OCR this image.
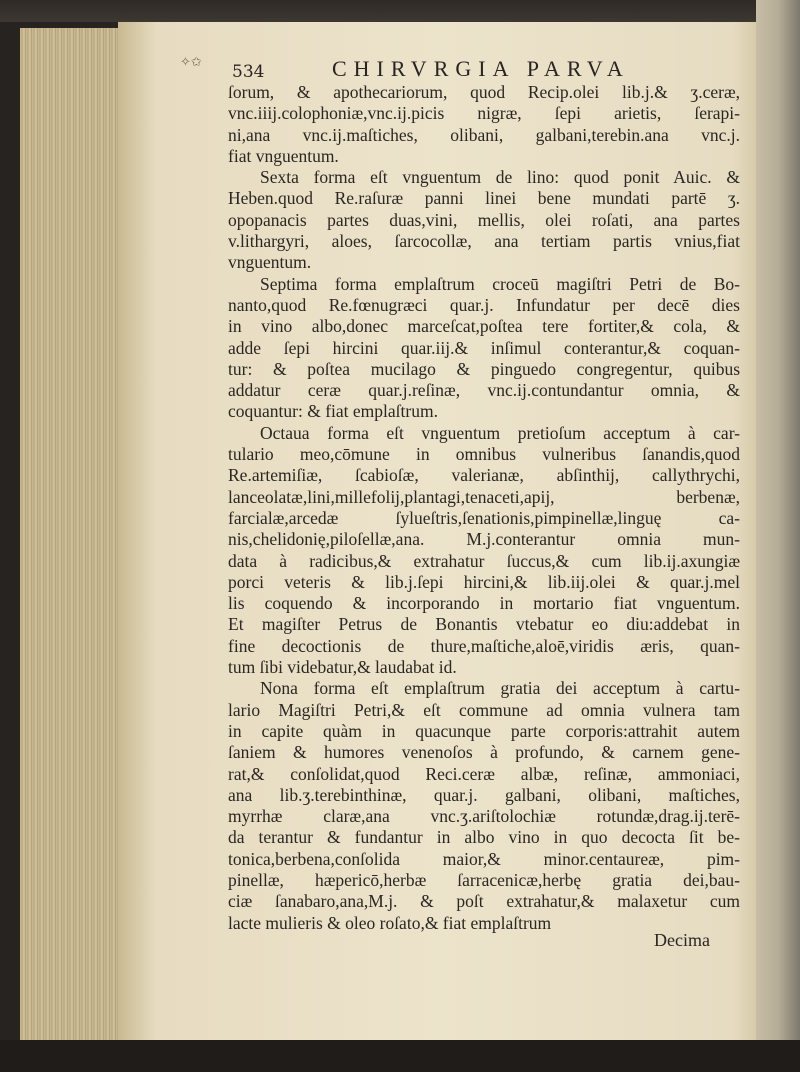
✧✩ 534	CHIRVRGIA PARVA
ſorum, & apothecariorum, quod Recip.olei lib.j.& ʒ.ceræ,
vnc.iiij.colophoniæ,vnc.ij.picis nigræ, ſepi arietis, ſerapi-
ni,ana vnc.ij.maſtiches, olibani, galbani,terebin.ana vnc.j.
fiat vnguentum.
Sexta forma eſt vnguentum de lino: quod ponit Auic. &
Heben.quod Re.raſuræ panni linei bene mundati partē ʒ.
opopanacis partes duas,vini, mellis, olei roſati, ana partes
v.lithargyri, aloes, ſarcocollæ, ana tertiam partis vnius,fiat
vnguentum.
Septima forma emplaſtrum croceū magiſtri Petri de Bo-
nanto,quod Re.fœnugræci quar.j. Infundatur per decē dies
in vino albo,donec marceſcat,poſtea tere fortiter,& cola, &
adde ſepi hircini quar.iij.& inſimul conterantur,& coquan-
tur: & poſtea mucilago & pinguedo congregentur, quibus
addatur ceræ quar.j.reſinæ, vnc.ij.contundantur omnia, &
coquantur: & fiat emplaſtrum.
Octaua forma eſt vnguentum pretioſum acceptum à car-
tulario meo,cōmune in omnibus vulneribus ſanandis,quod
Re.artemiſiæ, ſcabioſæ, valerianæ, abſinthij, callythrychi,
lanceolatæ,lini,millefolij,plantagi,tenaceti,apij, berbenæ,
farcialæ,arcedæ ſylueſtris,ſenationis,pimpinellæ,linguę ca-
nis,chelidonię,piloſellæ,ana. M.j.conterantur omnia mun-
data à radicibus,& extrahatur ſuccus,& cum lib.ij.axungiæ
porci veteris & lib.j.ſepi hircini,& lib.iij.olei & quar.j.mel
lis coquendo & incorporando in mortario fiat vnguentum.
Et magiſter Petrus de Bonantis vtebatur eo diu:addebat in
fine decoctionis de thure,maſtiche,aloē,viridis æris, quan-
tum ſibi videbatur,& laudabat id.
Nona forma eſt emplaſtrum gratia dei acceptum à cartu-
lario Magiſtri Petri,& eſt commune ad omnia vulnera tam
in capite quàm in quacunque parte corporis:attrahit autem
ſaniem & humores venenoſos à profundo, & carnem gene-
rat,& conſolidat,quod Reci.ceræ albæ, reſinæ, ammoniaci,
ana lib.ʒ.terebinthinæ, quar.j. galbani, olibani, maſtiches,
myrrhæ claræ,ana vnc.ʒ.ariſtolochiæ rotundæ,drag.ij.terē-
da terantur & fundantur in albo vino in quo decocta ſit be-
tonica,berbena,conſolida maior,& minor.centaureæ, pim-
pinellæ, hæpericō,herbæ ſarracenicæ,herbę gratia dei,bau-
ciæ ſanabaro,ana,M.j. & poſt extrahatur,& malaxetur cum
lacte mulieris & oleo roſato,& fiat emplaſtrum
Decima
